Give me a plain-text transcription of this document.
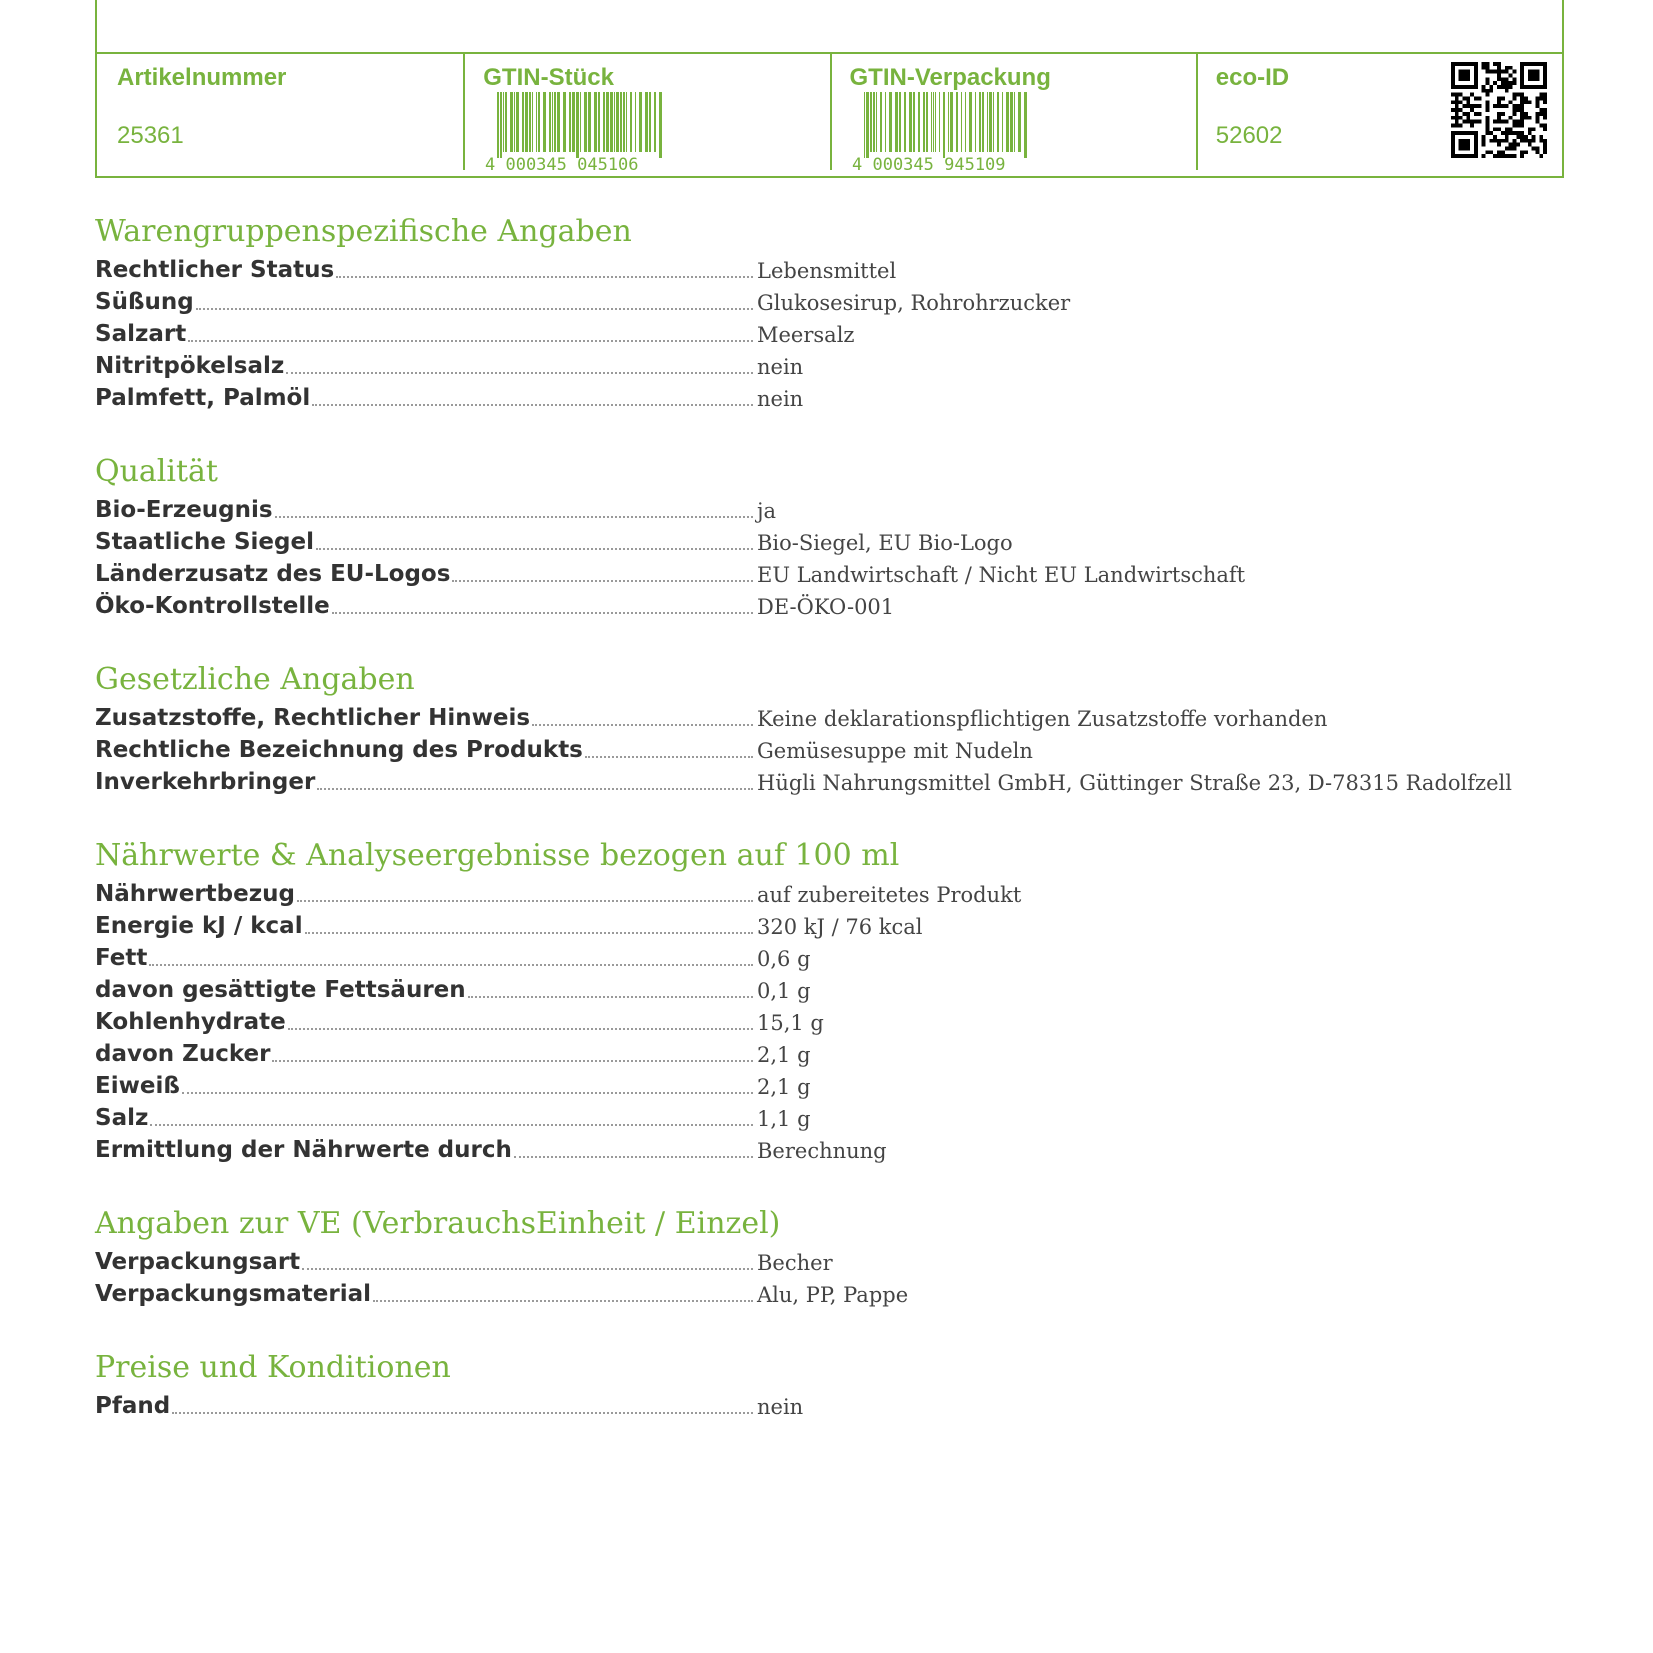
Artikelnummer
25361
GTIN-Stück
4 000345 045106
GTIN-Verpackung
4 000345 945109
eco-ID
52602
Warengruppenspezifische Angaben
Rechtlicher Status	Lebensmittel
Süßung	Glukosesirup, Rohrohrzucker
Salzart	Meersalz
Nitritpökelsalz	nein
Palmfett, Palmöl	nein
Qualität
Bio-Erzeugnis	ja
Staatliche Siegel	Bio-Siegel, EU Bio-Logo
Länderzusatz des EU-Logos	EU Landwirtschaft / Nicht EU Landwirtschaft
Öko-Kontrollstelle	DE-ÖKO-001
Gesetzliche Angaben
Zusatzstoffe, Rechtlicher Hinweis	Keine deklarationspflichtigen Zusatzstoffe vorhanden
Rechtliche Bezeichnung des Produkts	Gemüsesuppe mit Nudeln
Inverkehrbringer	Hügli Nahrungsmittel GmbH, Güttinger Straße 23, D-78315 Radolfzell
Nährwerte & Analyseergebnisse bezogen auf 100 ml
Nährwertbezug	auf zubereitetes Produkt
Energie kJ / kcal	320 kJ / 76 kcal
Fett	0,6 g
davon gesättigte Fettsäuren	0,1 g
Kohlenhydrate	15,1 g
davon Zucker	2,1 g
Eiweiß	2,1 g
Salz	1,1 g
Ermittlung der Nährwerte durch	Berechnung
Angaben zur VE (VerbrauchsEinheit / Einzel)
Verpackungsart	Becher
Verpackungsmaterial	Alu, PP, Pappe
Preise und Konditionen
Pfand	nein
